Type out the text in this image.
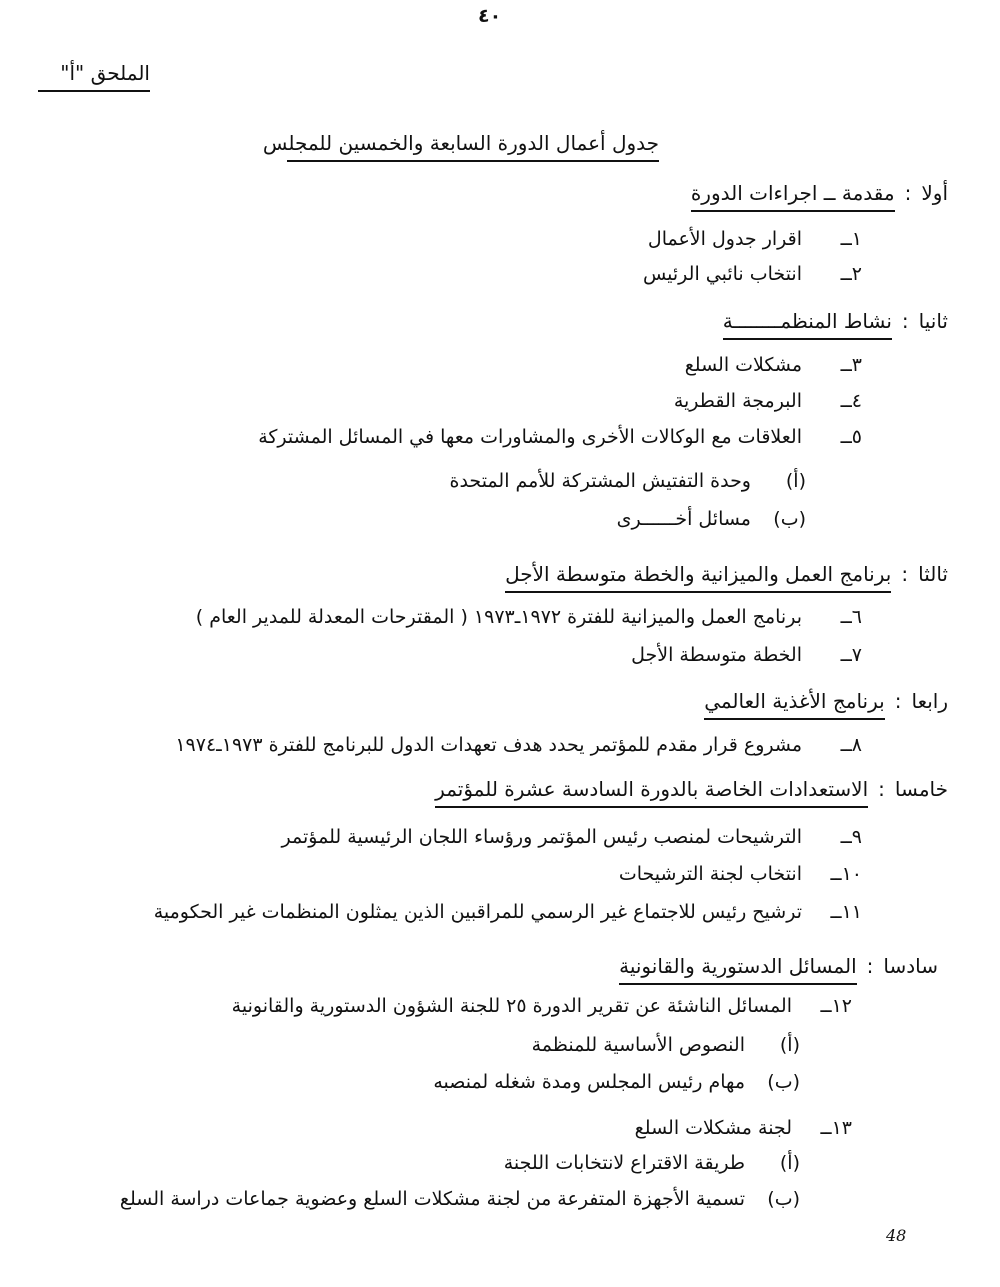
٤٠
الملحق "أ"
جدول أعمال الدورة السابعة والخمسين للمجلس
أولا
:
مقدمة ــ اجراءات الدورة
١ــ
اقرار جدول الأعمال
٢ــ
انتخاب نائبي الرئيس
ثانيا
:
نشاط المنظمــــــــة
٣ــ
مشكلات السلع
٤ــ
البرمجة القطرية
٥ــ
العلاقات مع الوكالات الأخرى والمشاورات معها في المسائل المشتركة
(أ)
وحدة التفتيش المشتركة للأمم المتحدة
(ب)
مسائل أخــــــرى
ثالثا
:
برنامج العمل والميزانية والخطة متوسطة الأجل
٦ــ
برنامج العمل والميزانية للفترة ١٩٧٢ـ١٩٧٣ ( المقترحات المعدلة للمدير العام )
٧ــ
الخطة متوسطة الأجل
رابعا
:
برنامج الأغذية العالمي
٨ــ
مشروع قرار مقدم للمؤتمر يحدد هدف تعهدات الدول للبرنامج للفترة ١٩٧٣ـ١٩٧٤
خامسا
:
الاستعدادات الخاصة بالدورة السادسة عشرة للمؤتمر
٩ــ
الترشيحات لمنصب رئيس المؤتمر ورؤساء اللجان الرئيسية للمؤتمر
١٠ــ
انتخاب لجنة الترشيحات
١١ــ
ترشيح رئيس للاجتماع غير الرسمي للمراقبين الذين يمثلون المنظمات غير الحكومية
سادسا
:
المسائل الدستورية والقانونية
١٢ــ
المسائل الناشئة عن تقرير الدورة ٢٥ للجنة الشؤون الدستورية والقانونية
(أ)
النصوص الأساسية للمنظمة
(ب)
مهام رئيس المجلس ومدة شغله لمنصبه
١٣ــ
لجنة مشكلات السلع
(أ)
طريقة الاقتراع لانتخابات اللجنة
(ب)
تسمية الأجهزة المتفرعة من لجنة مشكلات السلع وعضوية جماعات دراسة السلع
48
